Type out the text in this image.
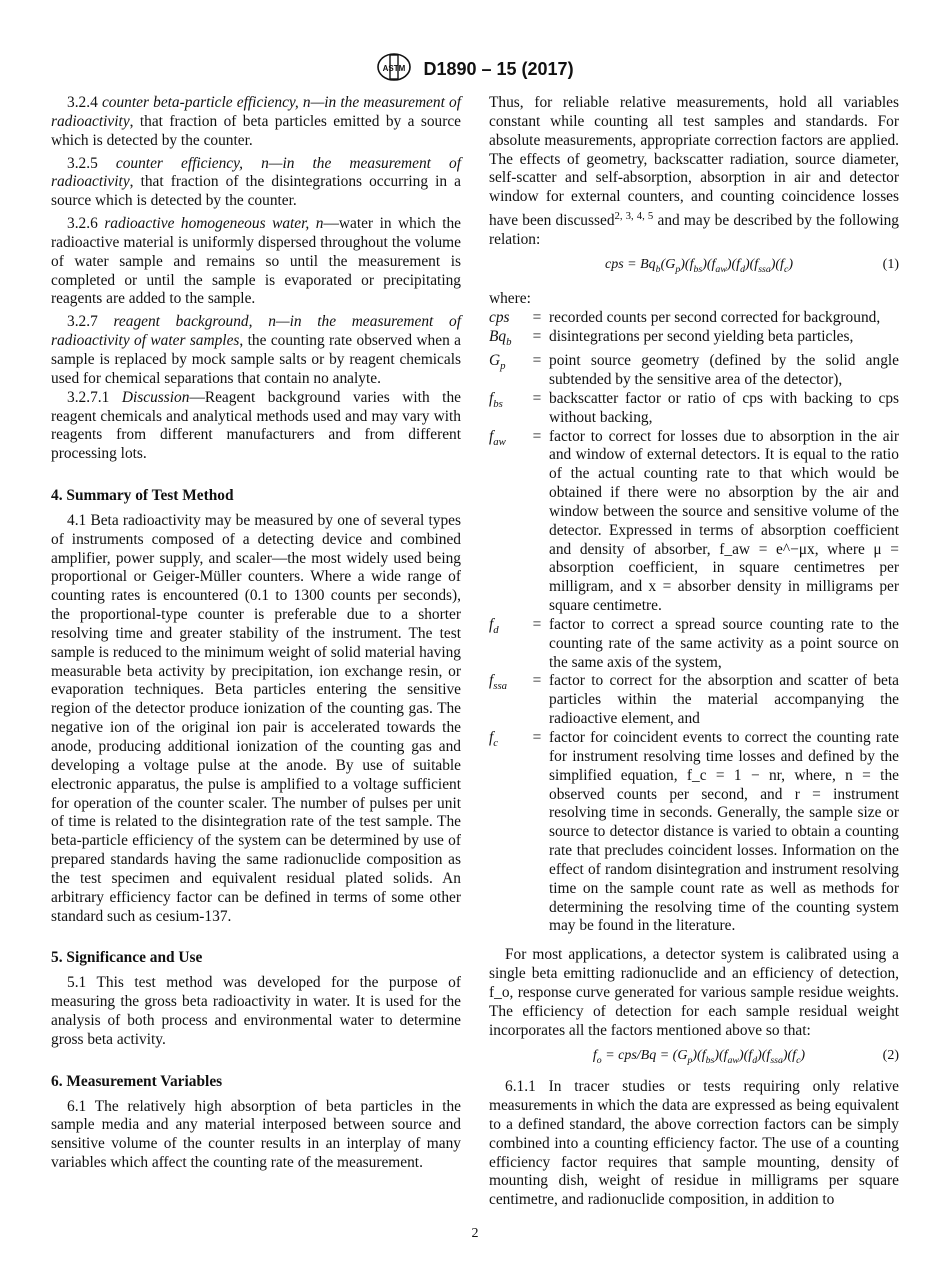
ASTM D1890 – 15 (2017)

3.2.4 counter beta-particle efficiency, n—in the measurement of radioactivity, that fraction of beta particles emitted by a source which is detected by the counter.

3.2.5 counter efficiency, n—in the measurement of radioactivity, that fraction of the disintegrations occurring in a source which is detected by the counter.

3.2.6 radioactive homogeneous water, n—water in which the radioactive material is uniformly dispersed throughout the volume of water sample and remains so until the measurement is completed or until the sample is evaporated or precipitating reagents are added to the sample.

3.2.7 reagent background, n—in the measurement of radioactivity of water samples, the counting rate observed when a sample is replaced by mock sample salts or by reagent chemicals used for chemical separations that contain no analyte.

3.2.7.1 Discussion—Reagent background varies with the reagent chemicals and analytical methods used and may vary with reagents from different manufacturers and from different processing lots.

4. Summary of Test Method

4.1 Beta radioactivity may be measured by one of several types of instruments composed of a detecting device and combined amplifier, power supply, and scaler—the most widely used being proportional or Geiger-Müller counters. Where a wide range of counting rates is encountered (0.1 to 1300 counts per seconds), the proportional-type counter is preferable due to a shorter resolving time and greater stability of the instrument. The test sample is reduced to the minimum weight of solid material having measurable beta activity by precipitation, ion exchange resin, or evaporation techniques. Beta particles entering the sensitive region of the detector produce ionization of the counting gas. The negative ion of the original ion pair is accelerated towards the anode, producing additional ionization of the counting gas and developing a voltage pulse at the anode. By use of suitable electronic apparatus, the pulse is amplified to a voltage sufficient for operation of the counter scaler. The number of pulses per unit of time is related to the disintegration rate of the test sample. The beta-particle efficiency of the system can be determined by use of prepared standards having the same radionuclide composition as the test specimen and equivalent residual plated solids. An arbitrary efficiency factor can be defined in terms of some other standard such as cesium-137.

5. Significance and Use

5.1 This test method was developed for the purpose of measuring the gross beta radioactivity in water. It is used for the analysis of both process and environmental water to determine gross beta activity.

6. Measurement Variables

6.1 The relatively high absorption of beta particles in the sample media and any material interposed between source and sensitive volume of the counter results in an interplay of many variables which affect the counting rate of the measurement.

Thus, for reliable relative measurements, hold all variables constant while counting all test samples and standards. For absolute measurements, appropriate correction factors are applied. The effects of geometry, backscatter radiation, source diameter, self-scatter and self-absorption, absorption in air and detector window for external counters, and counting coincidence losses have been discussed$^{2, 3, 4, 5}$ and may be described by the following relation:

cps = $Bq_b(G_p)(f_{bs})(f_{aw})(f_d)(f_{ssa})(f_c)$	(1)
where:
cps	= recorded counts per second corrected for background,
$Bq_b$	= disintegrations per second yielding beta particles,
$G_p$	= point source geometry (defined by the solid angle subtended by the sensitive area of the detector),
$f_{bs}$	= backscatter factor or ratio of cps with backing to cps without backing,
$f_{aw}$	= factor to correct for losses due to absorption in the air and window of external detectors. It is equal to the ratio of the actual counting rate to that which would be obtained if there were no absorption by the air and window between the source and sensitive volume of the detector. Expressed in terms of absorption coefficient and density of absorber, f_aw = e^−μx, where μ = absorption coefficient, in square centimetres per milligram, and x = absorber density in milligrams per square centimetre.
$f_d$	= factor to correct a spread source counting rate to the counting rate of the same activity as a point source on the same axis of the system,
$f_{ssa}$	= factor to correct for the absorption and scatter of beta particles within the material accompanying the radioactive element, and
$f_c$	= factor for coincident events to correct the counting rate for instrument resolving time losses and defined by the simplified equation, f_c = 1 − nr, where, n = the observed counts per second, and r = instrument resolving time in seconds. Generally, the sample size or source to detector distance is varied to obtain a counting rate that precludes coincident losses. Information on the effect of random disintegration and instrument resolving time on the sample count rate as well as methods for determining the resolving time of the counting system may be found in the literature.

For most applications, a detector system is calibrated using a single beta emitting radionuclide and an efficiency of detection, f_o, response curve generated for various sample residue weights. The efficiency of detection for each sample residual weight incorporates all the factors mentioned above so that:

$f_o = cps/Bq = (G_p)(f_{bs})(f_{aw})(f_d)(f_{ssa})(f_c)$	(2)

6.1.1 In tracer studies or tests requiring only relative measurements in which the data are expressed as being equivalent to a defined standard, the above correction factors can be simply combined into a counting efficiency factor. The use of a counting efficiency factor requires that sample mounting, density of mounting dish, weight of residue in milligrams per square centimetre, and radionuclide composition, in addition to

2
